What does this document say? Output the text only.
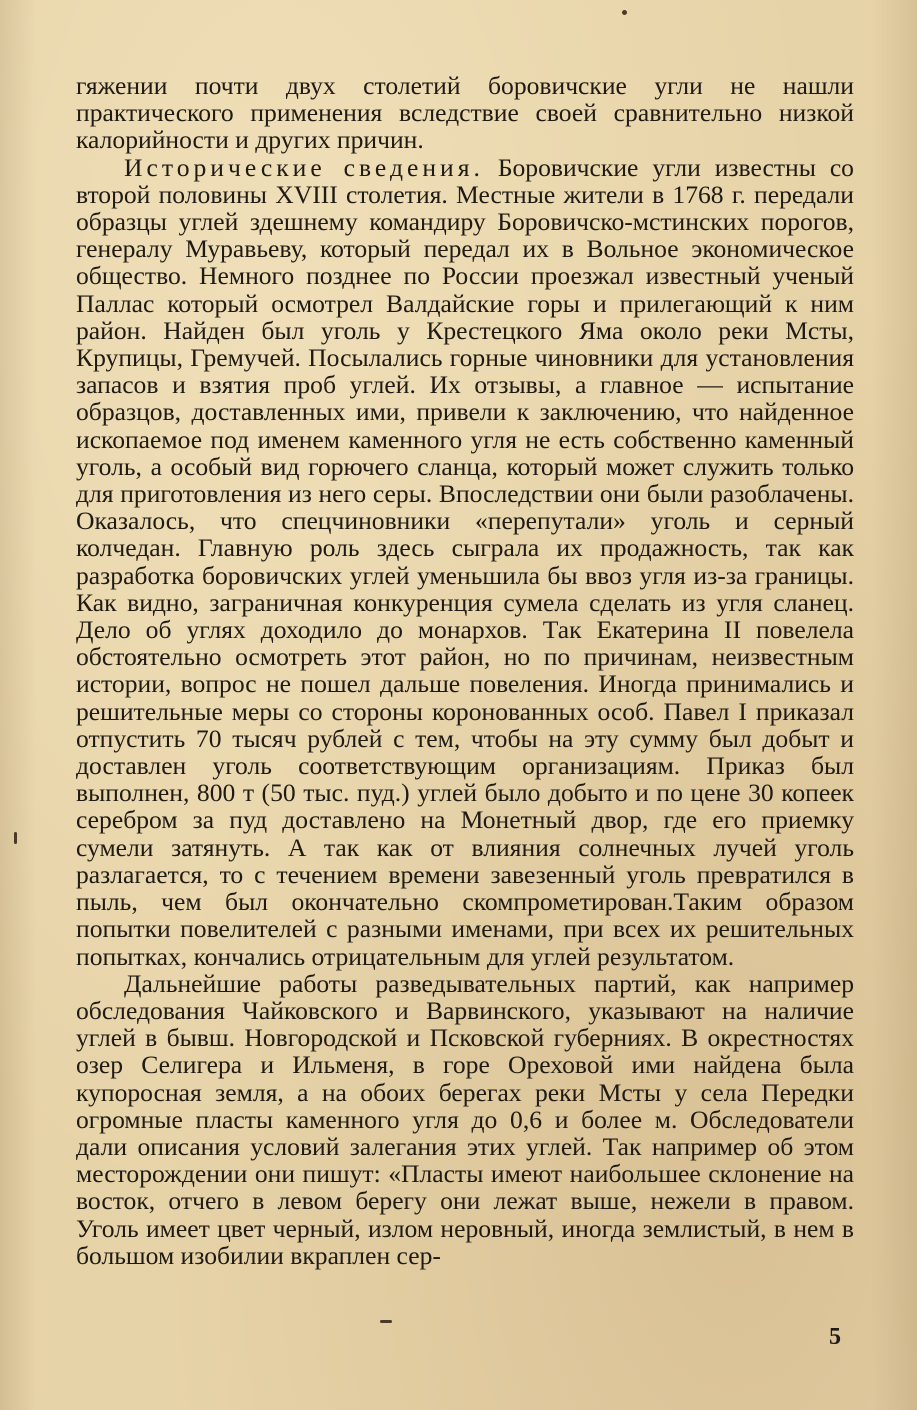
гяжении почти двух столетий боровичские угли не нашли практического применения вследствие своей сравнительно низкой калорийности и других причин.

Исторические сведения. Боровичские угли известны со второй половины XVIII столетия. Местные жители в 1768 г. передали образцы углей здешнему командиру Боровичско-мстинских порогов, генералу Муравьеву, который передал их в Вольное экономическое общество. Немного позднее по России проезжал известный ученый Паллас который осмотрел Валдайские горы и прилегающий к ним район. Найден был уголь у Крестецкого Яма около реки Мсты, Крупицы, Гремучей. Посылались горные чиновники для установления запасов и взятия проб углей. Их отзывы, а главное — испытание образцов, доставленных ими, привели к заключению, что найденное ископаемое под именем каменного угля не есть собственно каменный уголь, а особый вид горючего сланца, который может служить только для приготовления из него серы. Впоследствии они были разоблачены. Оказалось, что спецчиновники «перепутали» уголь и серный колчедан. Главную роль здесь сыграла их продажность, так как разработка боровичских углей уменьшила бы ввоз угля из-за границы. Как видно, заграничная конкуренция сумела сделать из угля сланец. Дело об углях доходило до монархов. Так Екатерина II повелела обстоятельно осмотреть этот район, но по причинам, неизвестным истории, вопрос не пошел дальше повеления. Иногда принимались и решительные меры со стороны коронованных особ. Павел I приказал отпустить 70 тысяч рублей с тем, чтобы на эту сумму был добыт и доставлен уголь соответствующим организациям. Приказ был выполнен, 800 т (50 тыс. пуд.) углей было добыто и по цене 30 копеек серебром за пуд доставлено на Монетный двор, где его приемку сумели затянуть. А так как от влияния солнечных лучей уголь разлагается, то с течением времени завезенный уголь превратился в пыль, чем был окончательно скомпрометирован.Таким образом попытки повелителей с разными именами, при всех их решительных попытках, кончались отрицательным для углей результатом.

Дальнейшие работы разведывательных партий, как например обследования Чайковского и Варвинского, указывают на наличие углей в бывш. Новгородской и Псковской губерниях. В окрестностях озер Селигера и Ильменя, в горе Ореховой ими найдена была купоросная земля, а на обоих берегах реки Мсты у села Передки огромные пласты каменного угля до 0,6 и более м. Обследователи дали описания условий залегания этих углей. Так например об этом месторождении они пишут: «Пласты имеют наибольшее склонение на восток, отчего в левом берегу они лежат выше, нежели в правом. Уголь имеет цвет черный, излом неровный, иногда землистый, в нем в большом изобилии вкраплен сер-

5
